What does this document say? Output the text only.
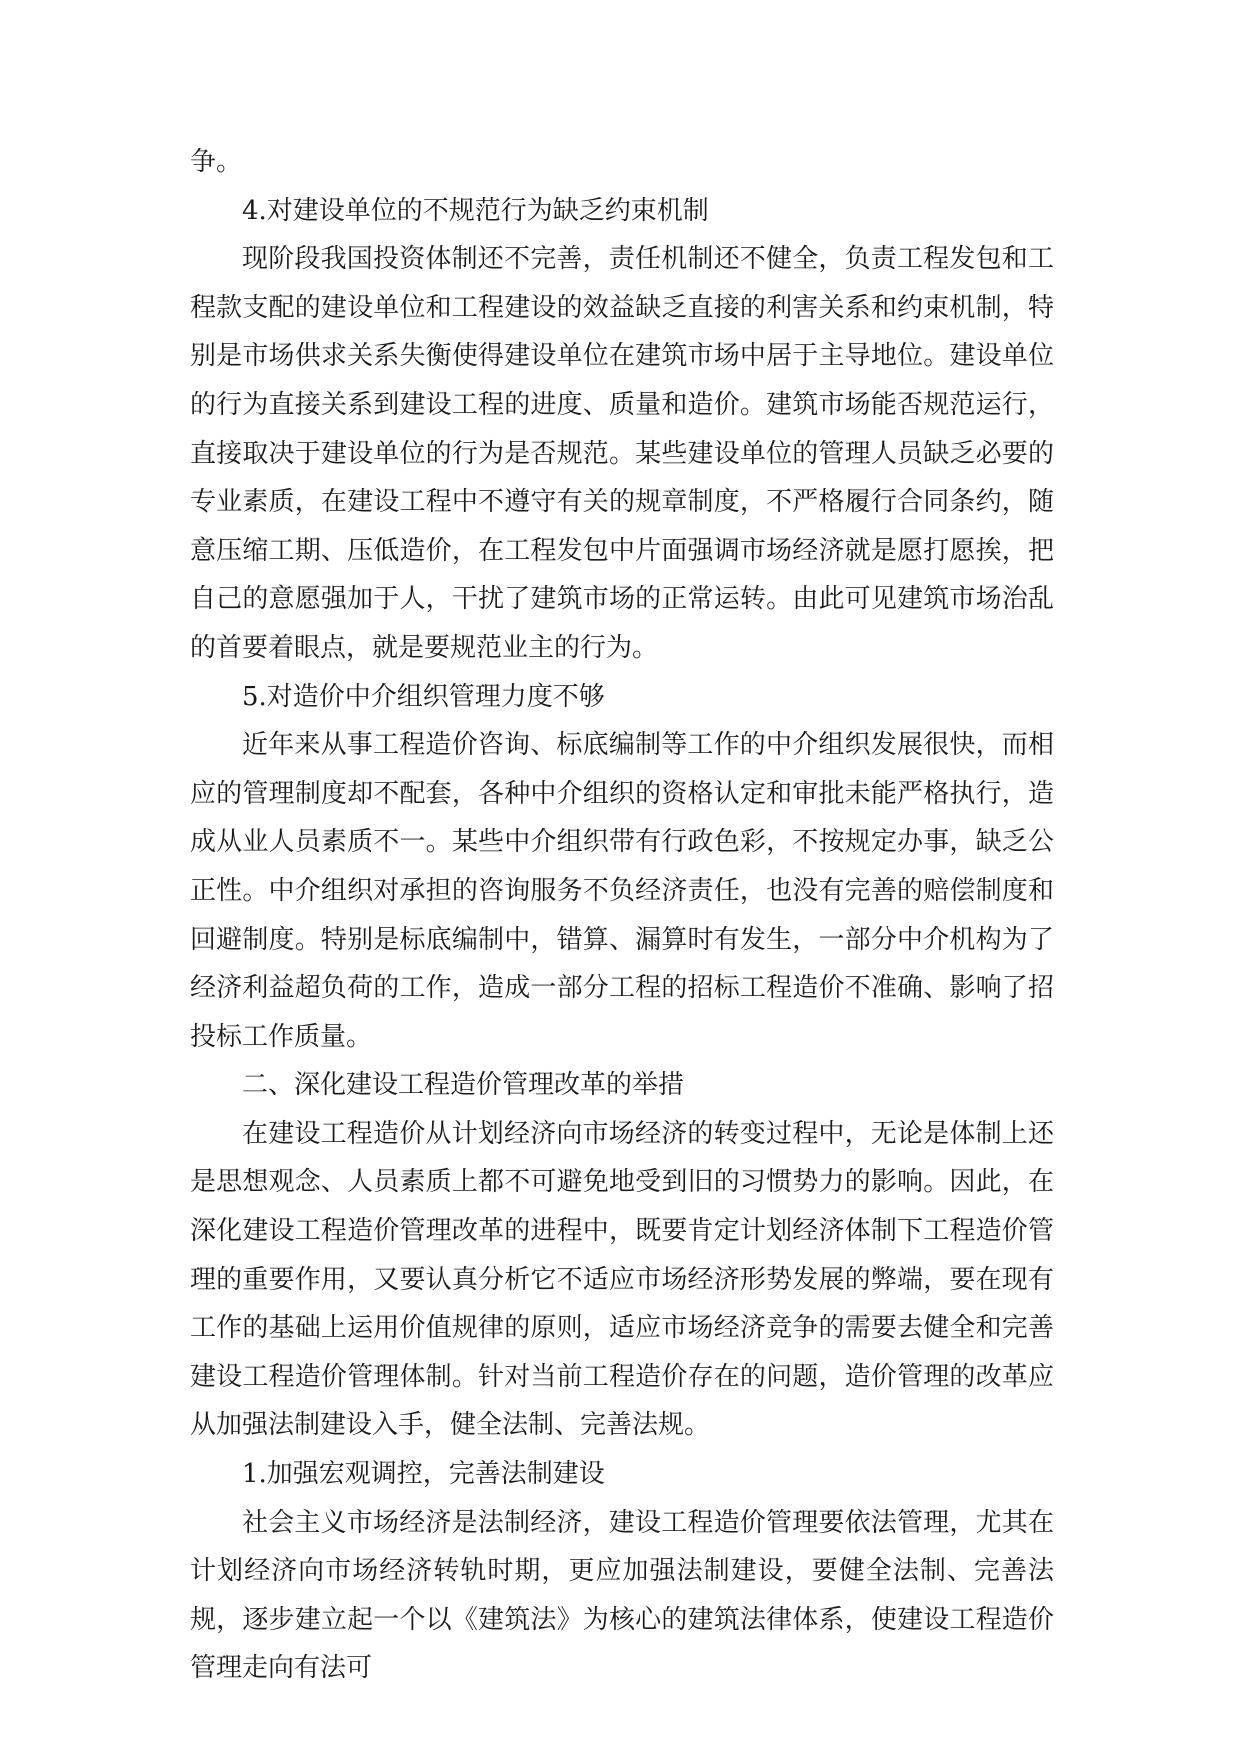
争。

4.对建设单位的不规范行为缺乏约束机制

现阶段我国投资体制还不完善，责任机制还不健全，负责工程发包和工程款支配的建设单位和工程建设的效益缺乏直接的利害关系和约束机制，特别是市场供求关系失衡使得建设单位在建筑市场中居于主导地位。建设单位的行为直接关系到建设工程的进度、质量和造价。建筑市场能否规范运行，直接取决于建设单位的行为是否规范。某些建设单位的管理人员缺乏必要的专业素质，在建设工程中不遵守有关的规章制度，不严格履行合同条约，随意压缩工期、压低造价，在工程发包中片面强调市场经济就是愿打愿挨，把自己的意愿强加于人，干扰了建筑市场的正常运转。由此可见建筑市场治乱的首要着眼点，就是要规范业主的行为。

5.对造价中介组织管理力度不够

近年来从事工程造价咨询、标底编制等工作的中介组织发展很快，而相应的管理制度却不配套，各种中介组织的资格认定和审批未能严格执行，造成从业人员素质不一。某些中介组织带有行政色彩，不按规定办事，缺乏公正性。中介组织对承担的咨询服务不负经济责任，也没有完善的赔偿制度和回避制度。特别是标底编制中，错算、漏算时有发生，一部分中介机构为了经济利益超负荷的工作，造成一部分工程的招标工程造价不准确、影响了招投标工作质量。

二、深化建设工程造价管理改革的举措

在建设工程造价从计划经济向市场经济的转变过程中，无论是体制上还是思想观念、人员素质上都不可避免地受到旧的习惯势力的影响。因此，在深化建设工程造价管理改革的进程中，既要肯定计划经济体制下工程造价管理的重要作用，又要认真分析它不适应市场经济形势发展的弊端，要在现有工作的基础上运用价值规律的原则，适应市场经济竞争的需要去健全和完善建设工程造价管理体制。针对当前工程造价存在的问题，造价管理的改革应从加强法制建设入手，健全法制、完善法规。

1.加强宏观调控，完善法制建设

社会主义市场经济是法制经济，建设工程造价管理要依法管理，尤其在计划经济向市场经济转轨时期，更应加强法制建设，要健全法制、完善法规，逐步建立起一个以《建筑法》为核心的建筑法律体系，使建设工程造价管理走向有法可
